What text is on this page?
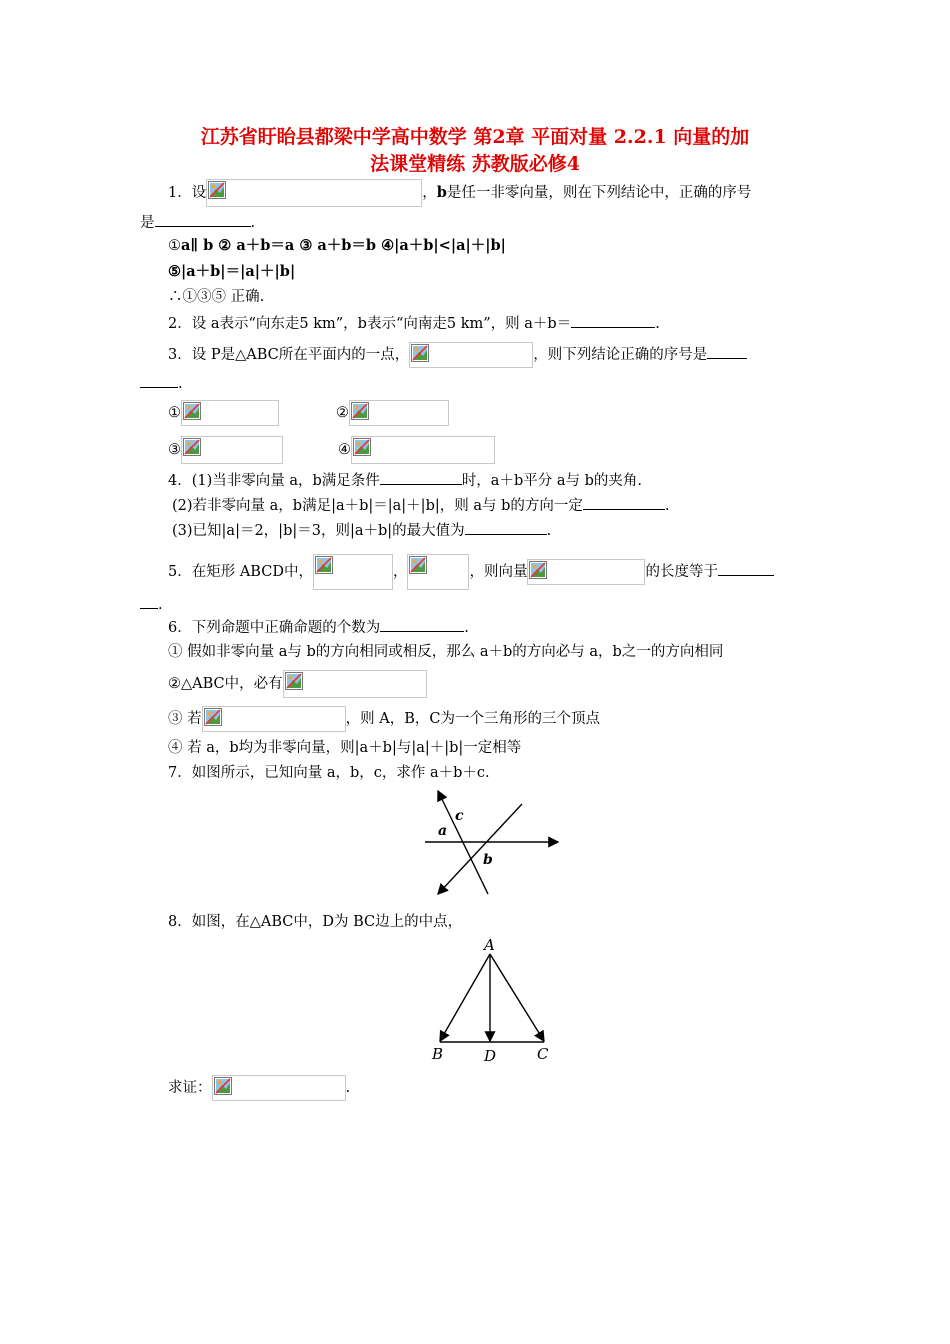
江苏省盱眙县都梁中学高中数学 第2章 平面对量 2.2.1 向量的加
法课堂精练 苏教版必修4
1．设	，b是任一非零向量，则在下列结论中，正确的序号
是	.
①a∥ b ② a＋b＝a ③ a＋b＝b ④|a＋b|<|a|＋|b|
⑤|a＋b|＝|a|＋|b|
∴①③⑤ 正确.
2．设 a表示“向东走5 km”，b表示“向南走5 km”，则 a＋b＝	.
3．设 P是△ABC所在平面内的一点，	，则下列结论正确的序号是
.
①	②
③	④
4．(1)当非零向量 a，b满足条件	时，a＋b平分 a与 b的夹角.
(2)若非零向量 a，b满足|a＋b|＝|a|＋|b|，则 a与 b的方向一定	.
(3)已知|a|＝2，|b|＝3，则|a＋b|的最大值为	.
5．在矩形 ABCD中，	，	，则向量	的长度等于
.
6．下列命题中正确命题的个数为	.
① 假如非零向量 a与 b的方向相同或相反，那么 a＋b的方向必与 a，b之一的方向相同
②△ABC中，必有
③ 若	，则 A，B，C为一个三角形的三个顶点
④ 若 a，b均为非零向量，则|a＋b|与|a|＋|b|一定相等
7．如图所示，已知向量 a，b，c，求作 a＋b＋c.
a
c
b
8．如图，在△ABC中，D为 BC边上的中点，
A
B	D	C
求证：	.
